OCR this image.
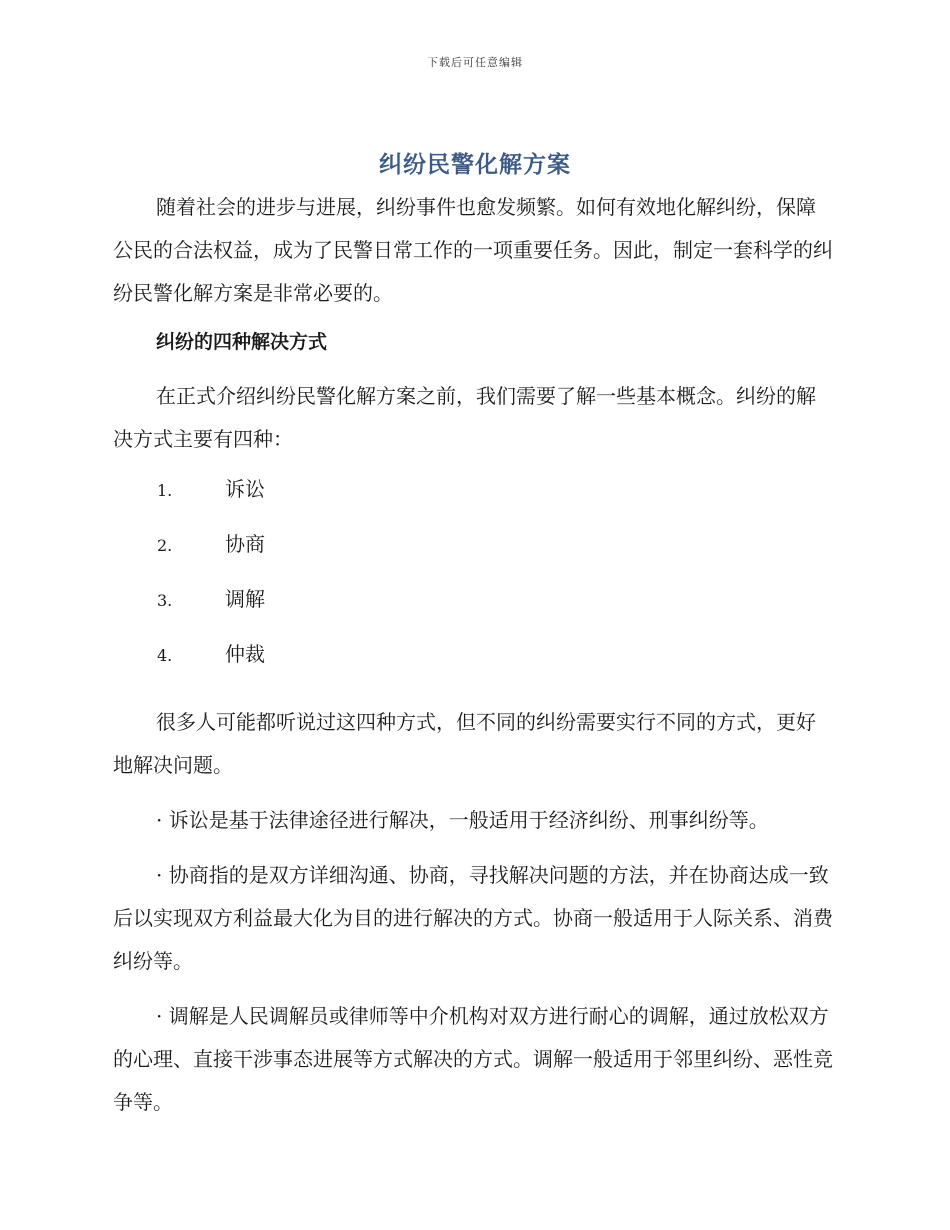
下载后可任意编辑
纠纷民警化解方案

随着社会的进步与进展，纠纷事件也愈发频繁。如何有效地化解纠纷，保障公民的合法权益，成为了民警日常工作的一项重要任务。因此，制定一套科学的纠纷民警化解方案是非常必要的。

纠纷的四种解决方式

在正式介绍纠纷民警化解方案之前，我们需要了解一些基本概念。纠纷的解决方式主要有四种：

1.	诉讼
2.	协商
3.	调解
4.	仲裁

很多人可能都听说过这四种方式，但不同的纠纷需要实行不同的方式，更好地解决问题。

· 诉讼是基于法律途径进行解决，一般适用于经济纠纷、刑事纠纷等。

· 协商指的是双方详细沟通、协商，寻找解决问题的方法，并在协商达成一致后以实现双方利益最大化为目的进行解决的方式。协商一般适用于人际关系、消费纠纷等。

· 调解是人民调解员或律师等中介机构对双方进行耐心的调解，通过放松双方的心理、直接干涉事态进展等方式解决的方式。调解一般适用于邻里纠纷、恶性竞争等。
